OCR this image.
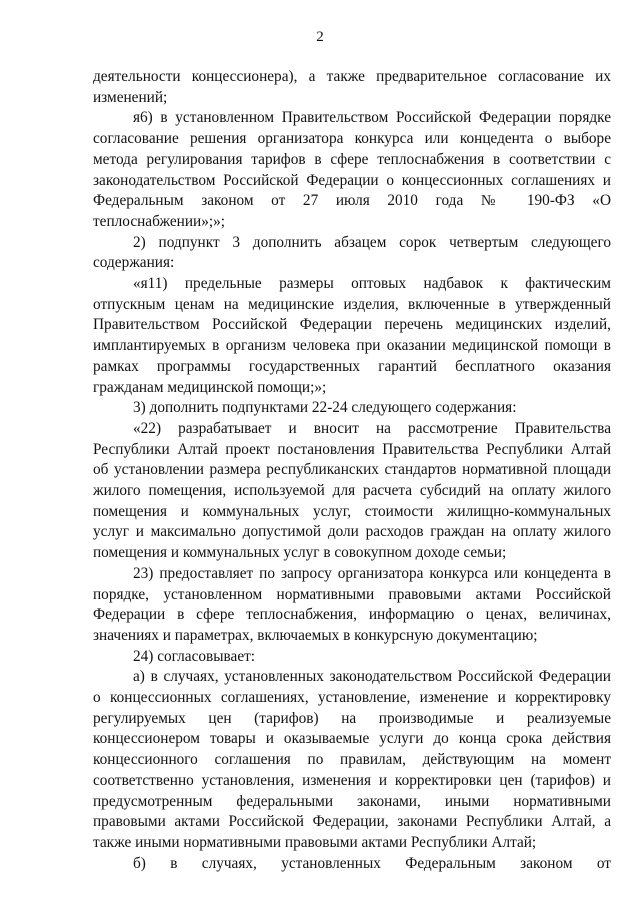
2
деятельности концессионера), а также предварительное согласование их
изменений;
я6) в установленном Правительством Российской Федерации порядке
согласование решения организатора конкурса или концедента о выборе
метода регулирования тарифов в сфере теплоснабжения в соответствии с
законодательством Российской Федерации о концессионных соглашениях и
Федеральным законом от 27 июля 2010 года № 190-ФЗ «О
теплоснабжении»;»;
2) подпункт 3 дополнить абзацем сорок четвертым следующего
содержания:
«я11) предельные размеры оптовых надбавок к фактическим
отпускным ценам на медицинские изделия, включенные в утвержденный
Правительством Российской Федерации перечень медицинских изделий,
имплантируемых в организм человека при оказании медицинской помощи в
рамках программы государственных гарантий бесплатного оказания
гражданам медицинской помощи;»;
3) дополнить подпунктами 22-24 следующего содержания:
«22) разрабатывает и вносит на рассмотрение Правительства
Республики Алтай проект постановления Правительства Республики Алтай
об установлении размера республиканских стандартов нормативной площади
жилого помещения, используемой для расчета субсидий на оплату жилого
помещения и коммунальных услуг, стоимости жилищно-коммунальных
услуг и максимально допустимой доли расходов граждан на оплату жилого
помещения и коммунальных услуг в совокупном доходе семьи;
23) предоставляет по запросу организатора конкурса или концедента в
порядке, установленном нормативными правовыми актами Российской
Федерации в сфере теплоснабжения, информацию о ценах, величинах,
значениях и параметрах, включаемых в конкурсную документацию;
24) согласовывает:
а) в случаях, установленных законодательством Российской Федерации
о концессионных соглашениях, установление, изменение и корректировку
регулируемых цен (тарифов) на производимые и реализуемые
концессионером товары и оказываемые услуги до конца срока действия
концессионного соглашения по правилам, действующим на момент
соответственно установления, изменения и корректировки цен (тарифов) и
предусмотренным федеральными законами, иными нормативными
правовыми актами Российской Федерации, законами Республики Алтай, а
также иными нормативными правовыми актами Республики Алтай;
б) в случаях, установленных Федеральным законом от
